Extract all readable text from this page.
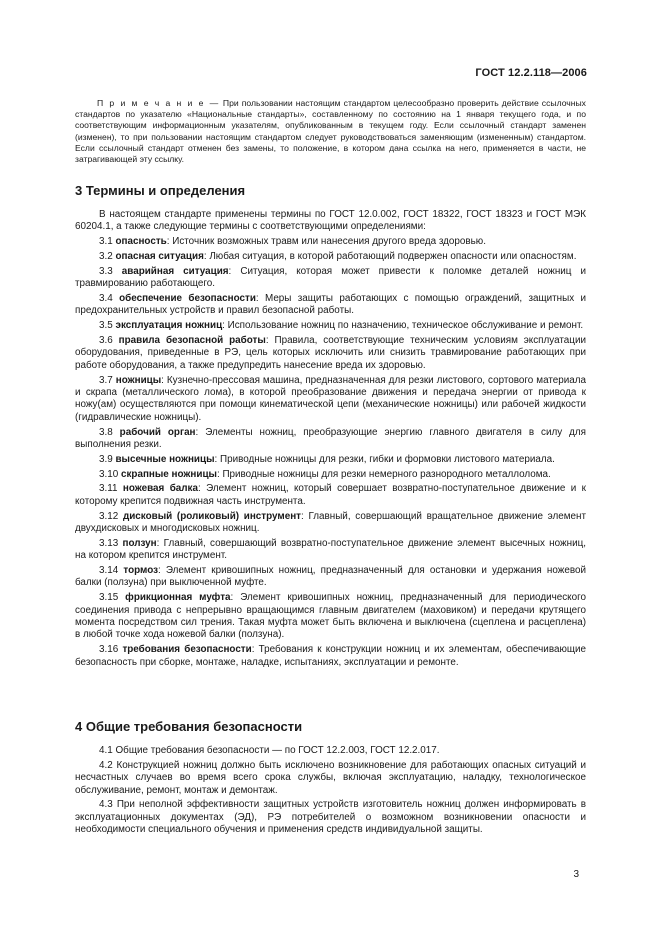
ГОСТ 12.2.118—2006
П р и м е ч а н и е — При пользовании настоящим стандартом целесообразно проверить действие ссылочных стандартов по указателю «Национальные стандарты», составленному по состоянию на 1 января текущего года, и по соответствующим информационным указателям, опубликованным в текущем году. Если ссылочный стандарт заменен (изменен), то при пользовании настоящим стандартом следует руководствоваться заменяющим (измененным) стандартом. Если ссылочный стандарт отменен без замены, то положение, в котором дана ссылка на него, применяется в части, не затрагивающей эту ссылку.
3 Термины и определения

В настоящем стандарте применены термины по ГОСТ 12.0.002, ГОСТ 18322, ГОСТ 18323 и ГОСТ МЭК 60204.1, а также следующие термины с соответствующими определениями:

3.1 опасность: Источник возможных травм или нанесения другого вреда здоровью.

3.2 опасная ситуация: Любая ситуация, в которой работающий подвержен опасности или опасностям.

3.3 аварийная ситуация: Ситуация, которая может привести к поломке деталей ножниц и травмированию работающего.

3.4 обеспечение безопасности: Меры защиты работающих с помощью ограждений, защитных и предохранительных устройств и правил безопасной работы.

3.5 эксплуатация ножниц: Использование ножниц по назначению, техническое обслуживание и ремонт.

3.6 правила безопасной работы: Правила, соответствующие техническим условиям эксплуатации оборудования, приведенные в РЭ, цель которых исключить или снизить травмирование работающих при работе оборудования, а также предупредить нанесение вреда их здоровью.

3.7 ножницы: Кузнечно-прессовая машина, предназначенная для резки листового, сортового материала и скрапа (металлического лома), в которой преобразование движения и передача энергии от привода к ножу(ам) осуществляются при помощи кинематической цепи (механические ножницы) или рабочей жидкости (гидравлические ножницы).

3.8 рабочий орган: Элементы ножниц, преобразующие энергию главного двигателя в силу для выполнения резки.

3.9 высечные ножницы: Приводные ножницы для резки, гибки и формовки листового материала.

3.10 скрапные ножницы: Приводные ножницы для резки немерного разнородного металлолома.

3.11 ножевая балка: Элемент ножниц, который совершает возвратно-поступательное движение и к которому крепится подвижная часть инструмента.

3.12 дисковый (роликовый) инструмент: Главный, совершающий вращательное движение элемент двухдисковых и многодисковых ножниц.

3.13 ползун: Главный, совершающий возвратно-поступательное движение элемент высечных ножниц, на котором крепится инструмент.

3.14 тормоз: Элемент кривошипных ножниц, предназначенный для остановки и удержания ножевой балки (ползуна) при выключенной муфте.

3.15 фрикционная муфта: Элемент кривошипных ножниц, предназначенный для периодического соединения привода с непрерывно вращающимся главным двигателем (маховиком) и передачи крутящего момента посредством сил трения. Такая муфта может быть включена и выключена (сцеплена и расцеплена) в любой точке хода ножевой балки (ползуна).

3.16 требования безопасности: Требования к конструкции ножниц и их элементам, обеспечивающие безопасность при сборке, монтаже, наладке, испытаниях, эксплуатации и ремонте.

4 Общие требования безопасности

4.1 Общие требования безопасности — по ГОСТ 12.2.003, ГОСТ 12.2.017.

4.2 Конструкцией ножниц должно быть исключено возникновение для работающих опасных ситуаций и несчастных случаев во время всего срока службы, включая эксплуатацию, наладку, технологическое обслуживание, ремонт, монтаж и демонтаж.

4.3 При неполной эффективности защитных устройств изготовитель ножниц должен информировать в эксплуатационных документах (ЭД), РЭ потребителей о возможном возникновении опасности и необходимости специального обучения и применения средств индивидуальной защиты.

3
